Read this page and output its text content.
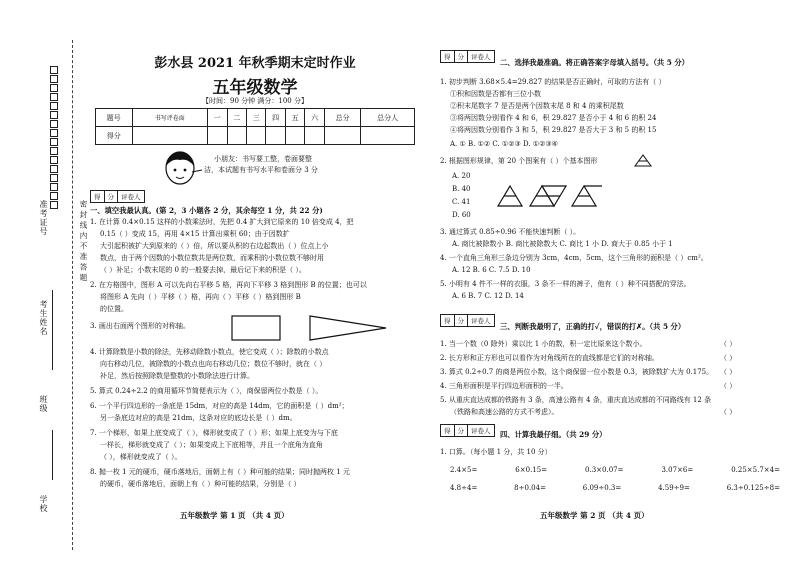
准考证号
考生姓名
班级
学校
密封线内不准答题
彭水县 2021 年秋季期末定时作业
五年级数学
【时间：90 分钟 满分：100 分】
题号	书写评卷面	一	二	三	四	五	六	总分	总分人
得分									
小朋友：书写要工整，卷面要整
洁，本试题有书写水平和卷面分 3 分
得	分	评卷人
一、填空我最认真。(第 2，3 小题各 2 分，其余每空 1 分，共 22 分)
1. 在计算 0.4×0.15 这样的小数乘法时，先把 0.4 扩大到它原来的 10 倍变成 4，把
0.15（ ）变成 15，再用 4×15 计算出乘积 60；由于因数扩
大引起积被扩大到原来的（ ）倍，所以要从积的右边起数出（ ）位点上小
数点，由于两个因数的小数位数共是两位数，而乘积的小数位数不够时用
（ ）补足；小数末尾的 0 的一般要去掉，最后记下来的积是（ ）。
2. 在方格图中，图形 A 可以先向右平移 5 格，再向下平移 3 格到图形 B 的位置；也可以
将图形 A 先向（ ）平移（ ）格，再向（ ）平移（ ）格到图形 B
的位置。
3. 画出右面两个图形的对称轴。
4. 计算除数是小数的除法，先移动除数小数点，使它变成（ ）；除数的小数点
向右移动几位，被除数的小数点也向右移动几位；数位不够时，就在（ ）
补足，然后按照除数是整数的小数除法进行计算。
5. 算式 0.24÷2.2 的商用循环节简便表示为（ ），商保留两位小数是（ ）。
6. 一个平行四边形的一条底是 15dm，对应的高是 14dm，它的面积是（ ）dm²；
另一条底边对应的高是 21dm，这条对应的底边长是（ ）dm。
7. 一个梯形，如果上底变成了（ ），梯形就变成了（ ）形；如果上底变为与下底
一样长，梯形就变成了（ ）；如果变成上下底相等，并且一个底角为直角
（ ），梯形就变成了（ ）。
8. 抛一枚 1 元的硬币，硬币落地后，面朝上有（ ）种可能的结果；同时抛两枚 1 元
的硬币，硬币落地后，面朝上有（ ）种可能的结果，分别是（ ）
五年级数学 第 1 页 （共 4 页）
得	分	评卷人
二、选择我最准确。将正确答案字母填入括号。（共 5 分）
1. 初步判断 3.68×5.4=29.827 的结果是否正确时，可取的方法有（ ）
①积和因数是否都有三位小数
②积末尾数字 7 是否是两个因数末尾 8 和 4 的乘积尾数
③将两因数分别看作 4 和 6，积 29.827 是否小于 4 和 6 的积 24
④将两因数分别看作 3 和 5，积 29.827 是否大于 3 和 5 的积 15
A. ① B. ①② C. ①②③ D. ①②③④
2. 根据图形规律，第 20 个图案有（ ）个基本图形
A. 20
B. 40
C. 41
D. 60
3. 通过算式 0.85÷0.96 不能快速判断（ ）。
A. 商比被除数小 B. 商比被除数大 C. 商比 1 小 D. 商大于 0.85 小于 1
4. 一个直角三角形三条边分别为 3cm，4cm，5cm，这个三角形的面积是（ ）cm²。
A. 12 B. 6 C. 7.5 D. 10
5. 小明有 4 件不一样的衣服，3 条不一样的裤子，他有（ ）种不同搭配的穿法。
A. 6 B. 7 C. 12 D. 14
得	分	评卷人
三、判断我最明了，正确的打✓，错误的打✗。（共 5 分）
1. 当一个数（0 除外）乘以比 1 小的数，积一定比原来这个数小。	（ ）
2. 长方形和正方形也可以看作为对角线所在的直线都是它们的对称轴。	（ ）
3. 算式 0.2÷0.7 的商是两位小数，这个商保留一位小数是 0.3，被除数扩大为 0.175。 （ ）
4. 三角形面积是平行四边形面积的一半。	（ ）
5. 从重庆直达成都的铁路有 3 条，高速公路有 4 条，重庆直达成都的不同路线有 12 条
（铁路和高速公路的方式不考虑）。	（ ）
得	分	评卷人	四、计算我最仔细。（共 29 分）
1. 口算。（每小题 1 分，共 10 分）
2.4×5=	6×0.15=	0.3×0.07=	3.07×6=	0.25×5.7×4=
4.8÷4=	8÷0.04=	6.09÷0.3=	4.59÷9=	6.3÷0.125÷8=
五年级数学 第 2 页 （共 4 页）
